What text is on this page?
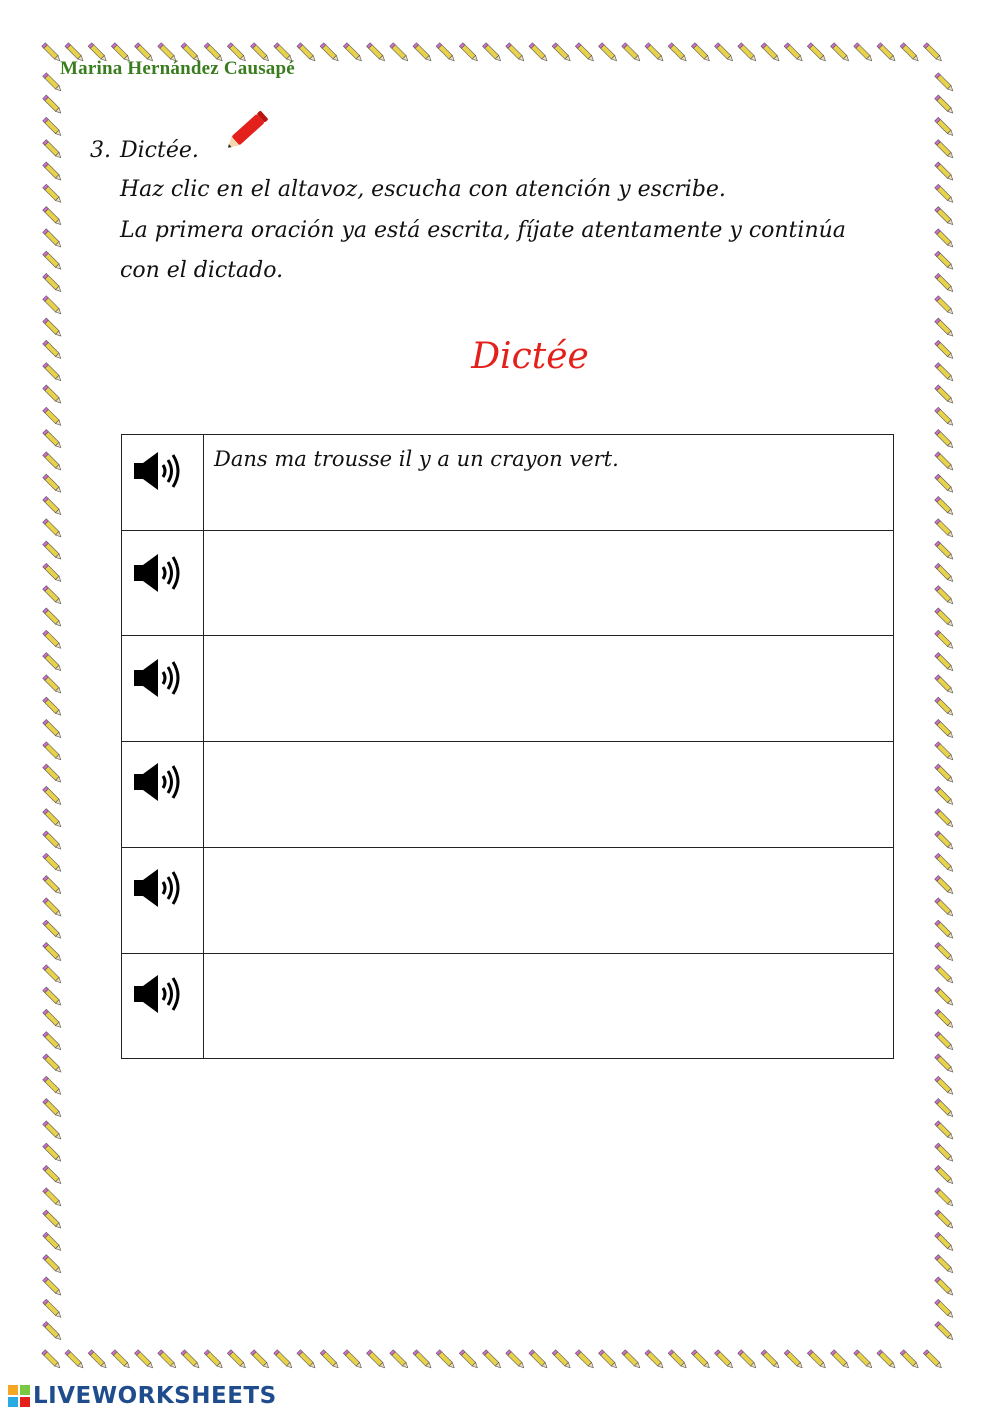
Marina Hernández Causapé
3. Dictée.
Haz clic en el altavoz, escucha con atención y escribe.
La primera oración ya está escrita, fíjate atentamente y continúa
con el dictado.
Dictée

Dans ma trousse il y a un crayon vert.

LIVEWORKSHEETS
